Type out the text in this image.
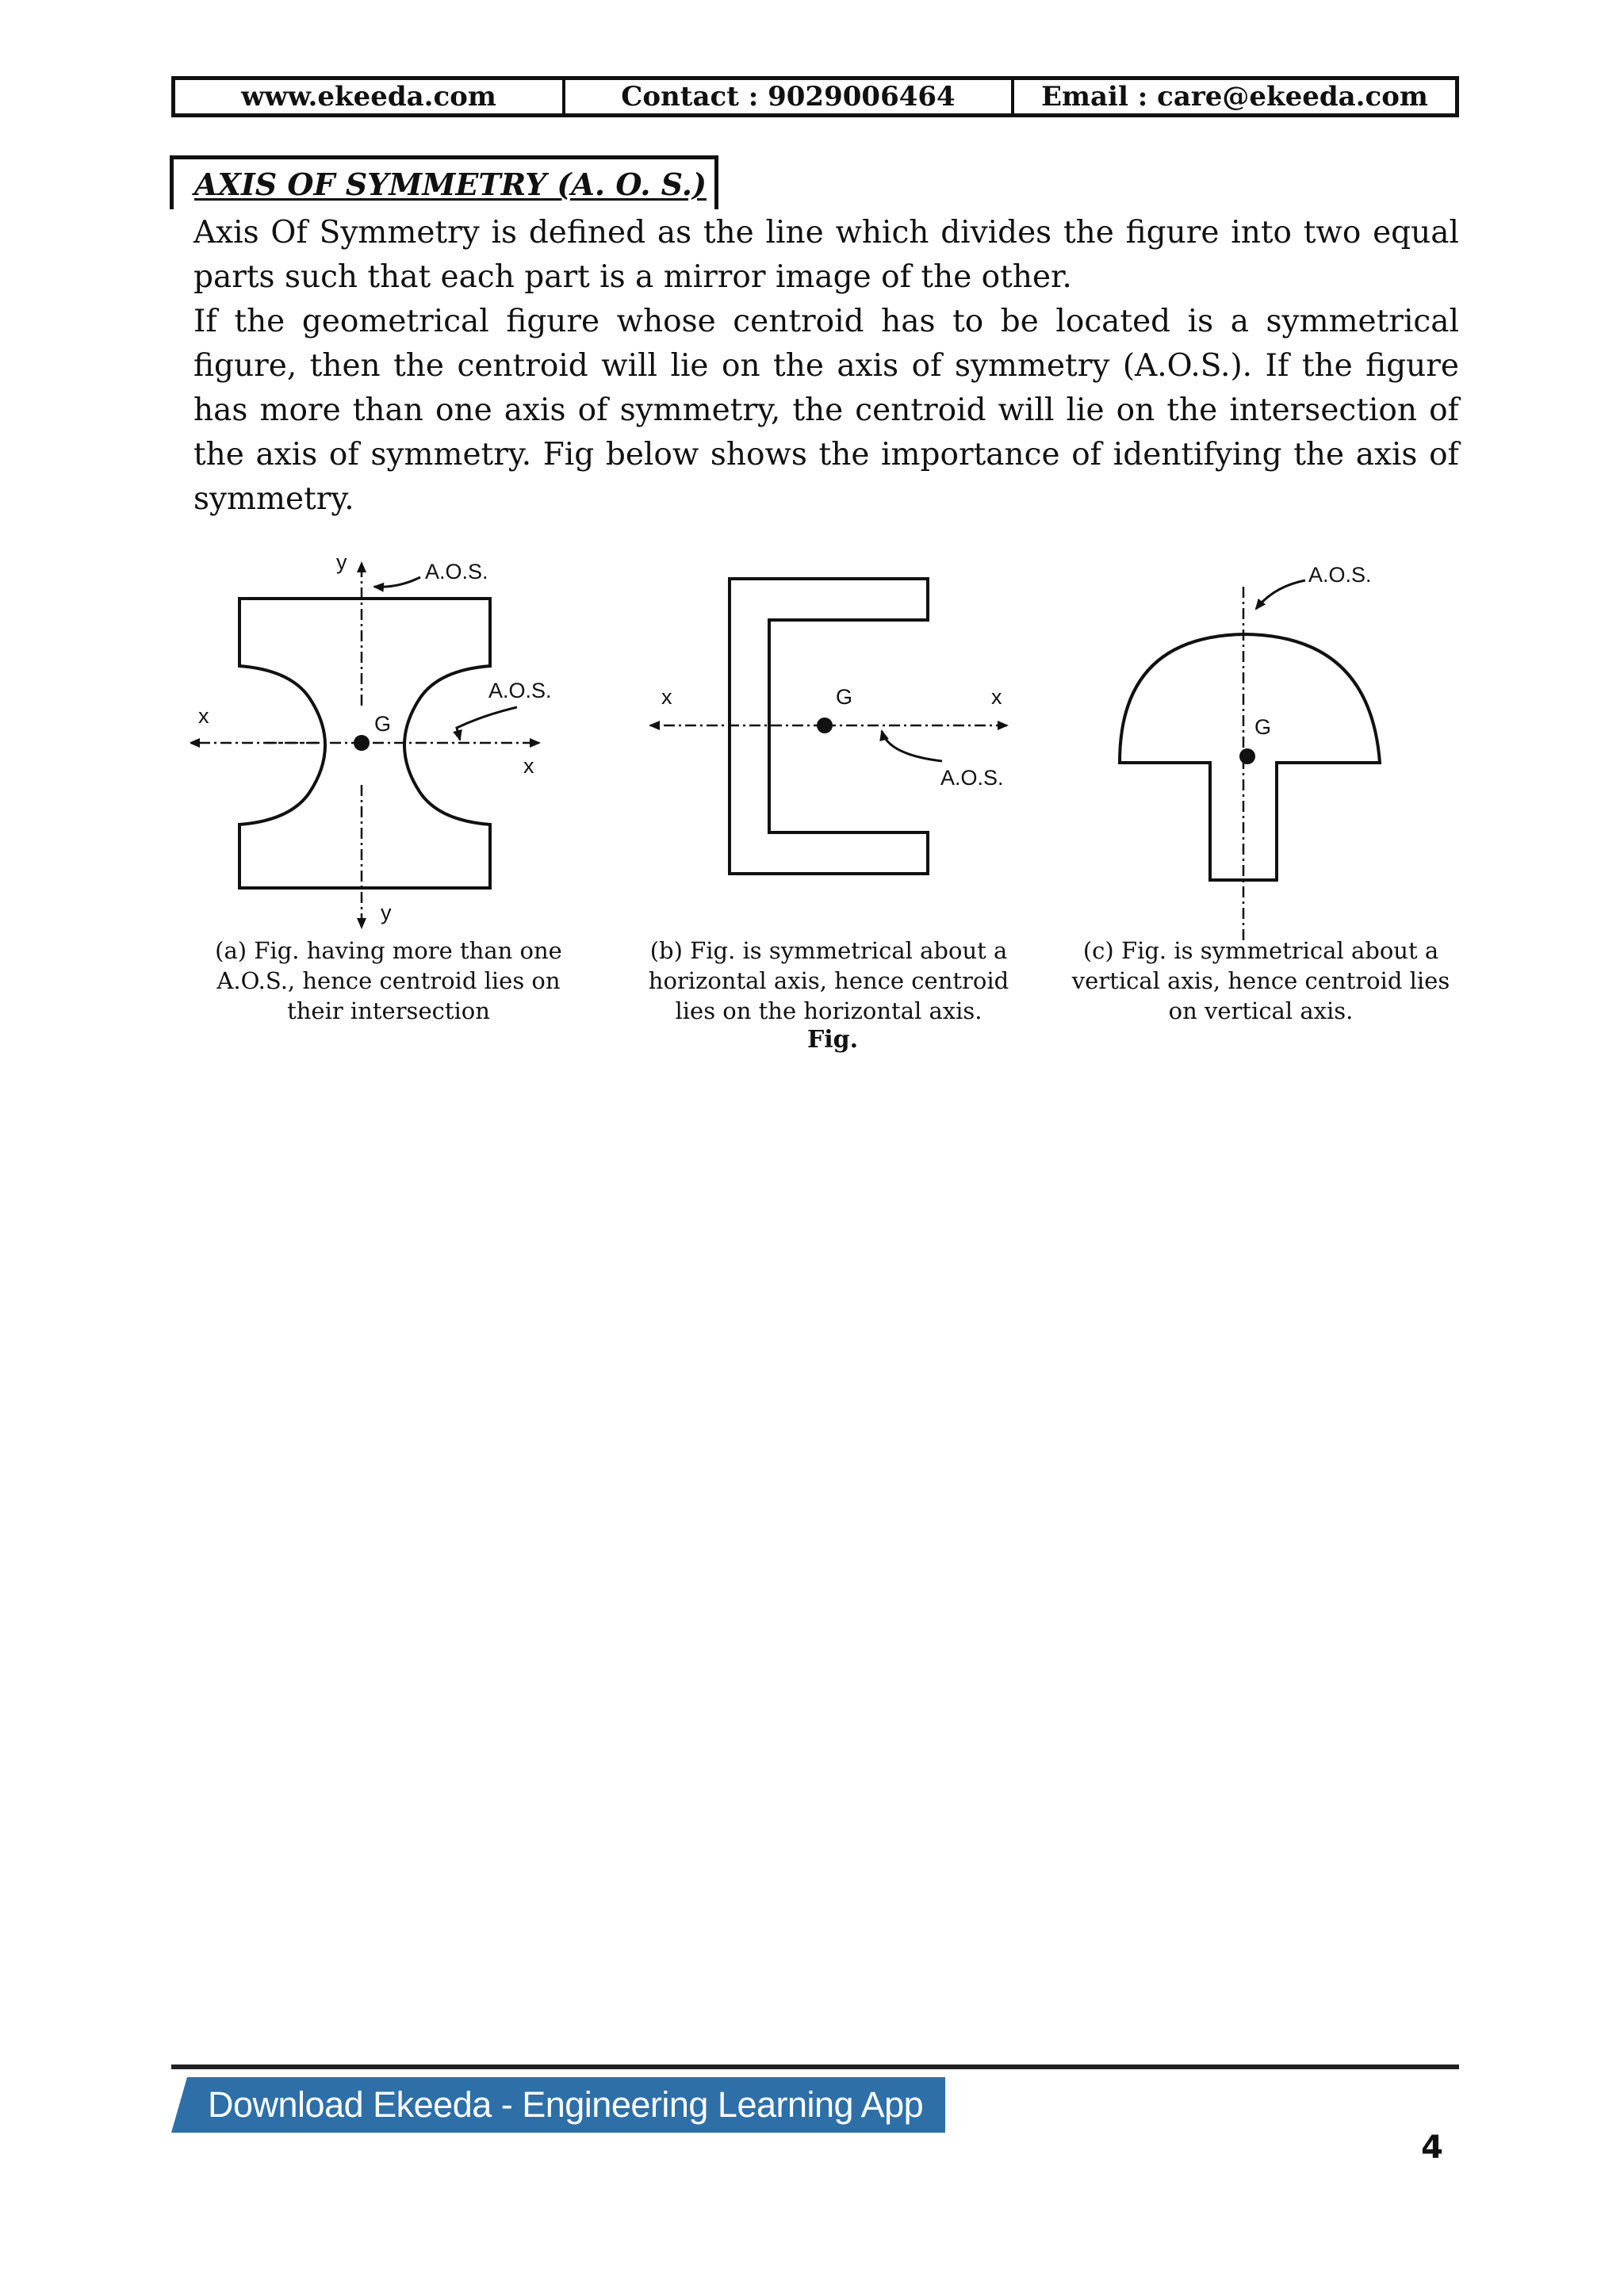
www.ekeeda.com	Contact : 9029006464	Email : care@ekeeda.com
AXIS OF SYMMETRY (A. O. S.)

Axis Of Symmetry is defined as the line which divides the figure into two equal parts such that each part is a mirror image of the other.

If the geometrical figure whose centroid has to be located is a symmetrical figure, then the centroid will lie on the axis of symmetry (A.O.S.). If the figure has more than one axis of symmetry, the centroid will lie on the intersection of the axis of symmetry. Fig below shows the importance of identifying the axis of symmetry.

y	A.O.S.
A.O.S.
G
x
x
y
x	x
G
A.O.S.
A.O.S.
G
(a) Fig. having more than one A.O.S., hence centroid lies on their intersection
(b) Fig. is symmetrical about a horizontal axis, hence centroid lies on the horizontal axis.
(c) Fig. is symmetrical about a vertical axis, hence centroid lies on vertical axis.
Fig.
Download Ekeeda - Engineering Learning App
4
